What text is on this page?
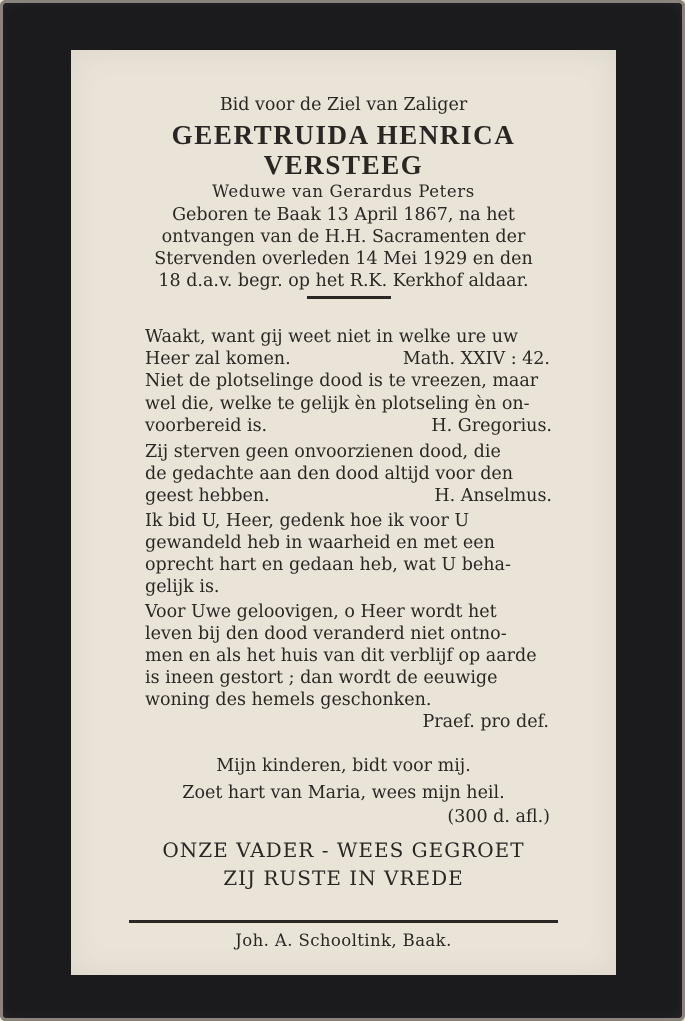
Bid voor de Ziel van Zaliger
GEERTRUIDA HENRICA
VERSTEEG
Weduwe van Gerardus Peters
Geboren te Baak 13 April 1867, na het
ontvangen van de H.H. Sacramenten der
Stervenden overleden 14 Mei 1929 en den
18 d.a.v. begr. op het R.K. Kerkhof aldaar.
Waakt, want gij weet niet in welke ure uw
Heer zal komen.	Math. XXIV : 42.
Niet de plotselinge dood is te vreezen, maar
wel die, welke te gelijk èn plotseling èn on-
voorbereid is.	H. Gregorius.
Zij sterven geen onvoorzienen dood, die
de gedachte aan den dood altijd voor den
geest hebben.	H. Anselmus.
Ik bid U, Heer, gedenk hoe ik voor U
gewandeld heb in waarheid en met een
oprecht hart en gedaan heb, wat U beha-
gelijk is.
Voor Uwe geloovigen, o Heer wordt het
leven bij den dood veranderd niet ontno-
men en als het huis van dit verblijf op aarde
is ineen gestort ; dan wordt de eeuwige
woning des hemels geschonken.
Praef. pro def.
Mijn kinderen, bidt voor mij.
Zoet hart van Maria, wees mijn heil.
(300 d. afl.)
ONZE VADER - WEES GEGROET
ZIJ RUSTE IN VREDE
Joh. A. Schooltink, Baak.
